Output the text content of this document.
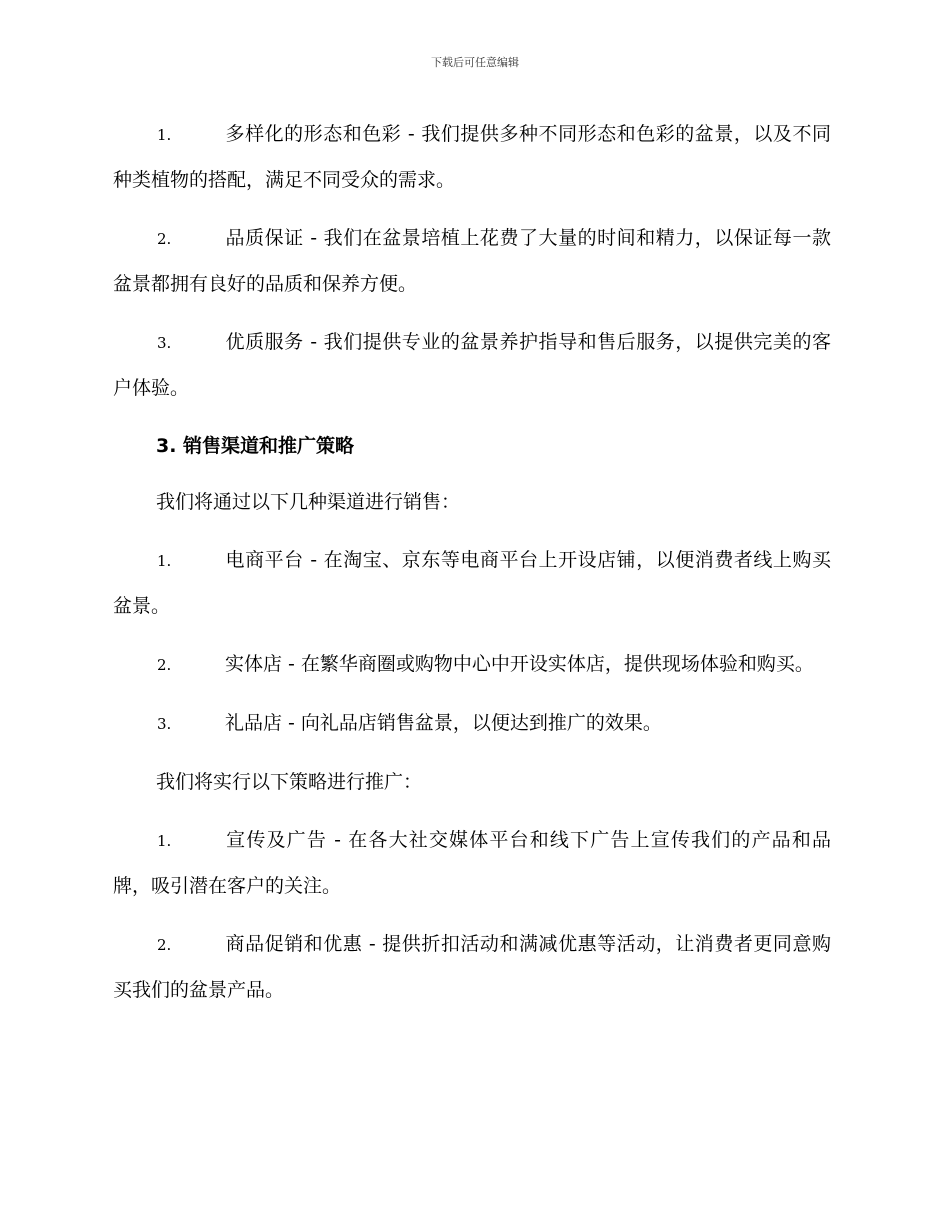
下载后可任意编辑
1.	多样化的形态和色彩 - 我们提供多种不同形态和色彩的盆景，以及不同种类植物的搭配，满足不同受众的需求。
2.	品质保证 - 我们在盆景培植上花费了大量的时间和精力，以保证每一款盆景都拥有良好的品质和保养方便。
3.	优质服务 - 我们提供专业的盆景养护指导和售后服务，以提供完美的客户体验。
3. 销售渠道和推广策略
我们将通过以下几种渠道进行销售：
1.	电商平台 - 在淘宝、京东等电商平台上开设店铺，以便消费者线上购买盆景。
2.	实体店 - 在繁华商圈或购物中心中开设实体店，提供现场体验和购买。
3.	礼品店 - 向礼品店销售盆景，以便达到推广的效果。
我们将实行以下策略进行推广：
1.	宣传及广告 - 在各大社交媒体平台和线下广告上宣传我们的产品和品牌，吸引潜在客户的关注。
2.	商品促销和优惠 - 提供折扣活动和满减优惠等活动，让消费者更同意购买我们的盆景产品。
